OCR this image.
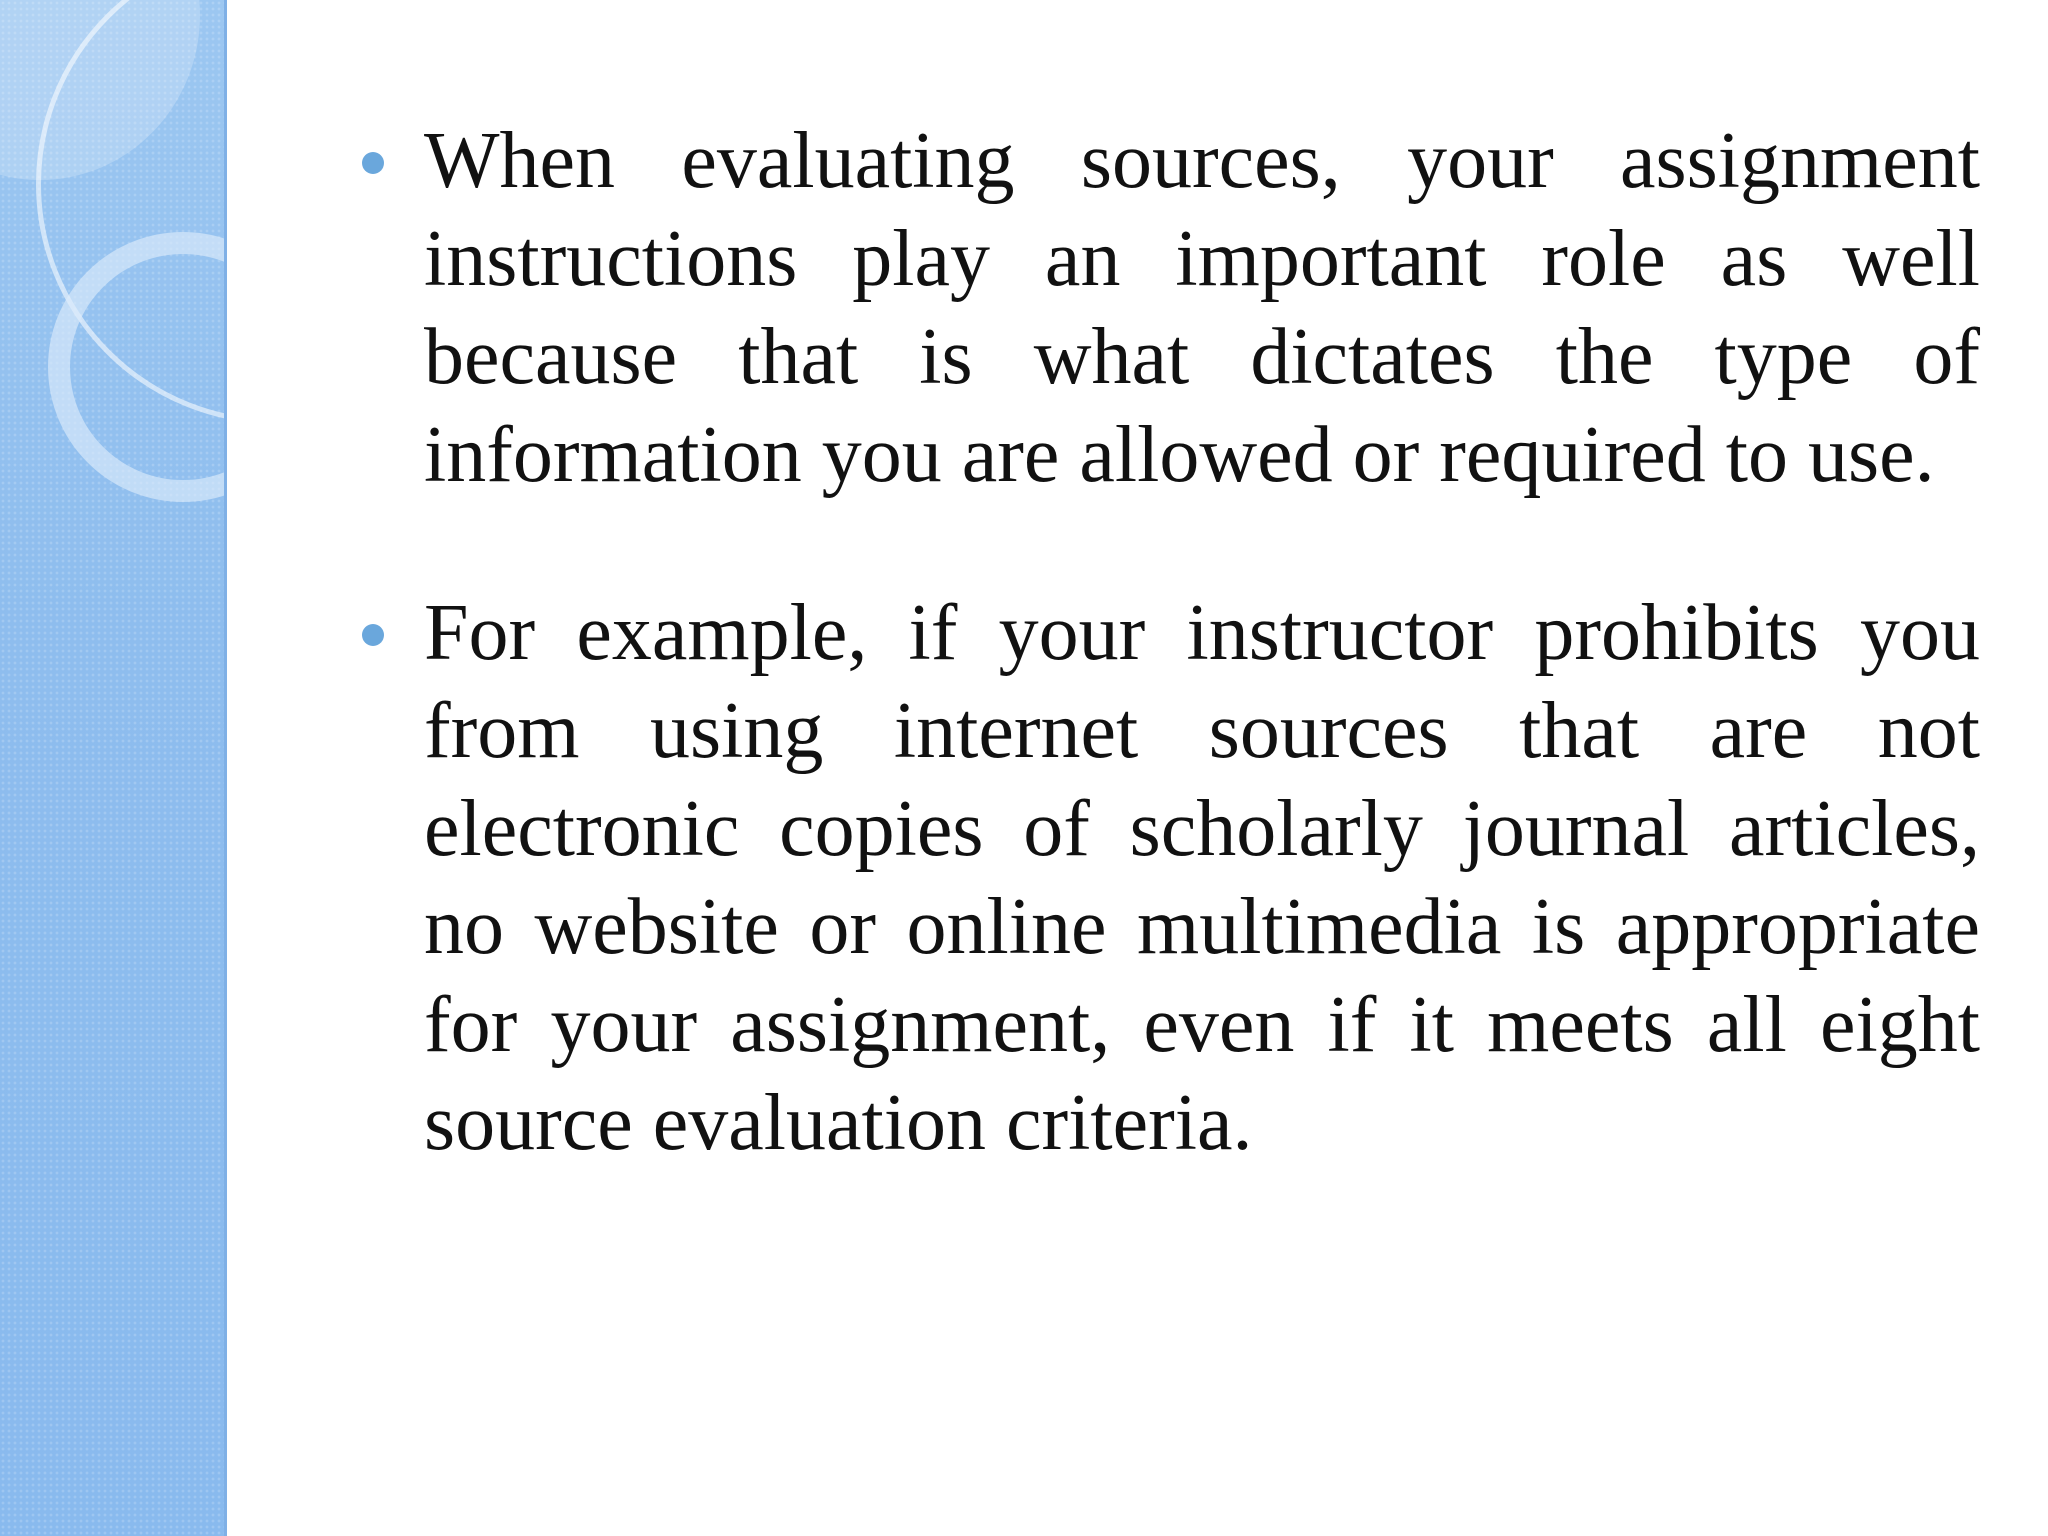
When evaluating sources, your assignment instructions play an important role as well because that is what dictates the type of information you are allowed or required to use.

For example, if your instructor prohibits you from using internet sources that are not electronic copies of scholarly journal articles, no website or online multimedia is appropriate for your assignment, even if it meets all eight source evaluation criteria.
